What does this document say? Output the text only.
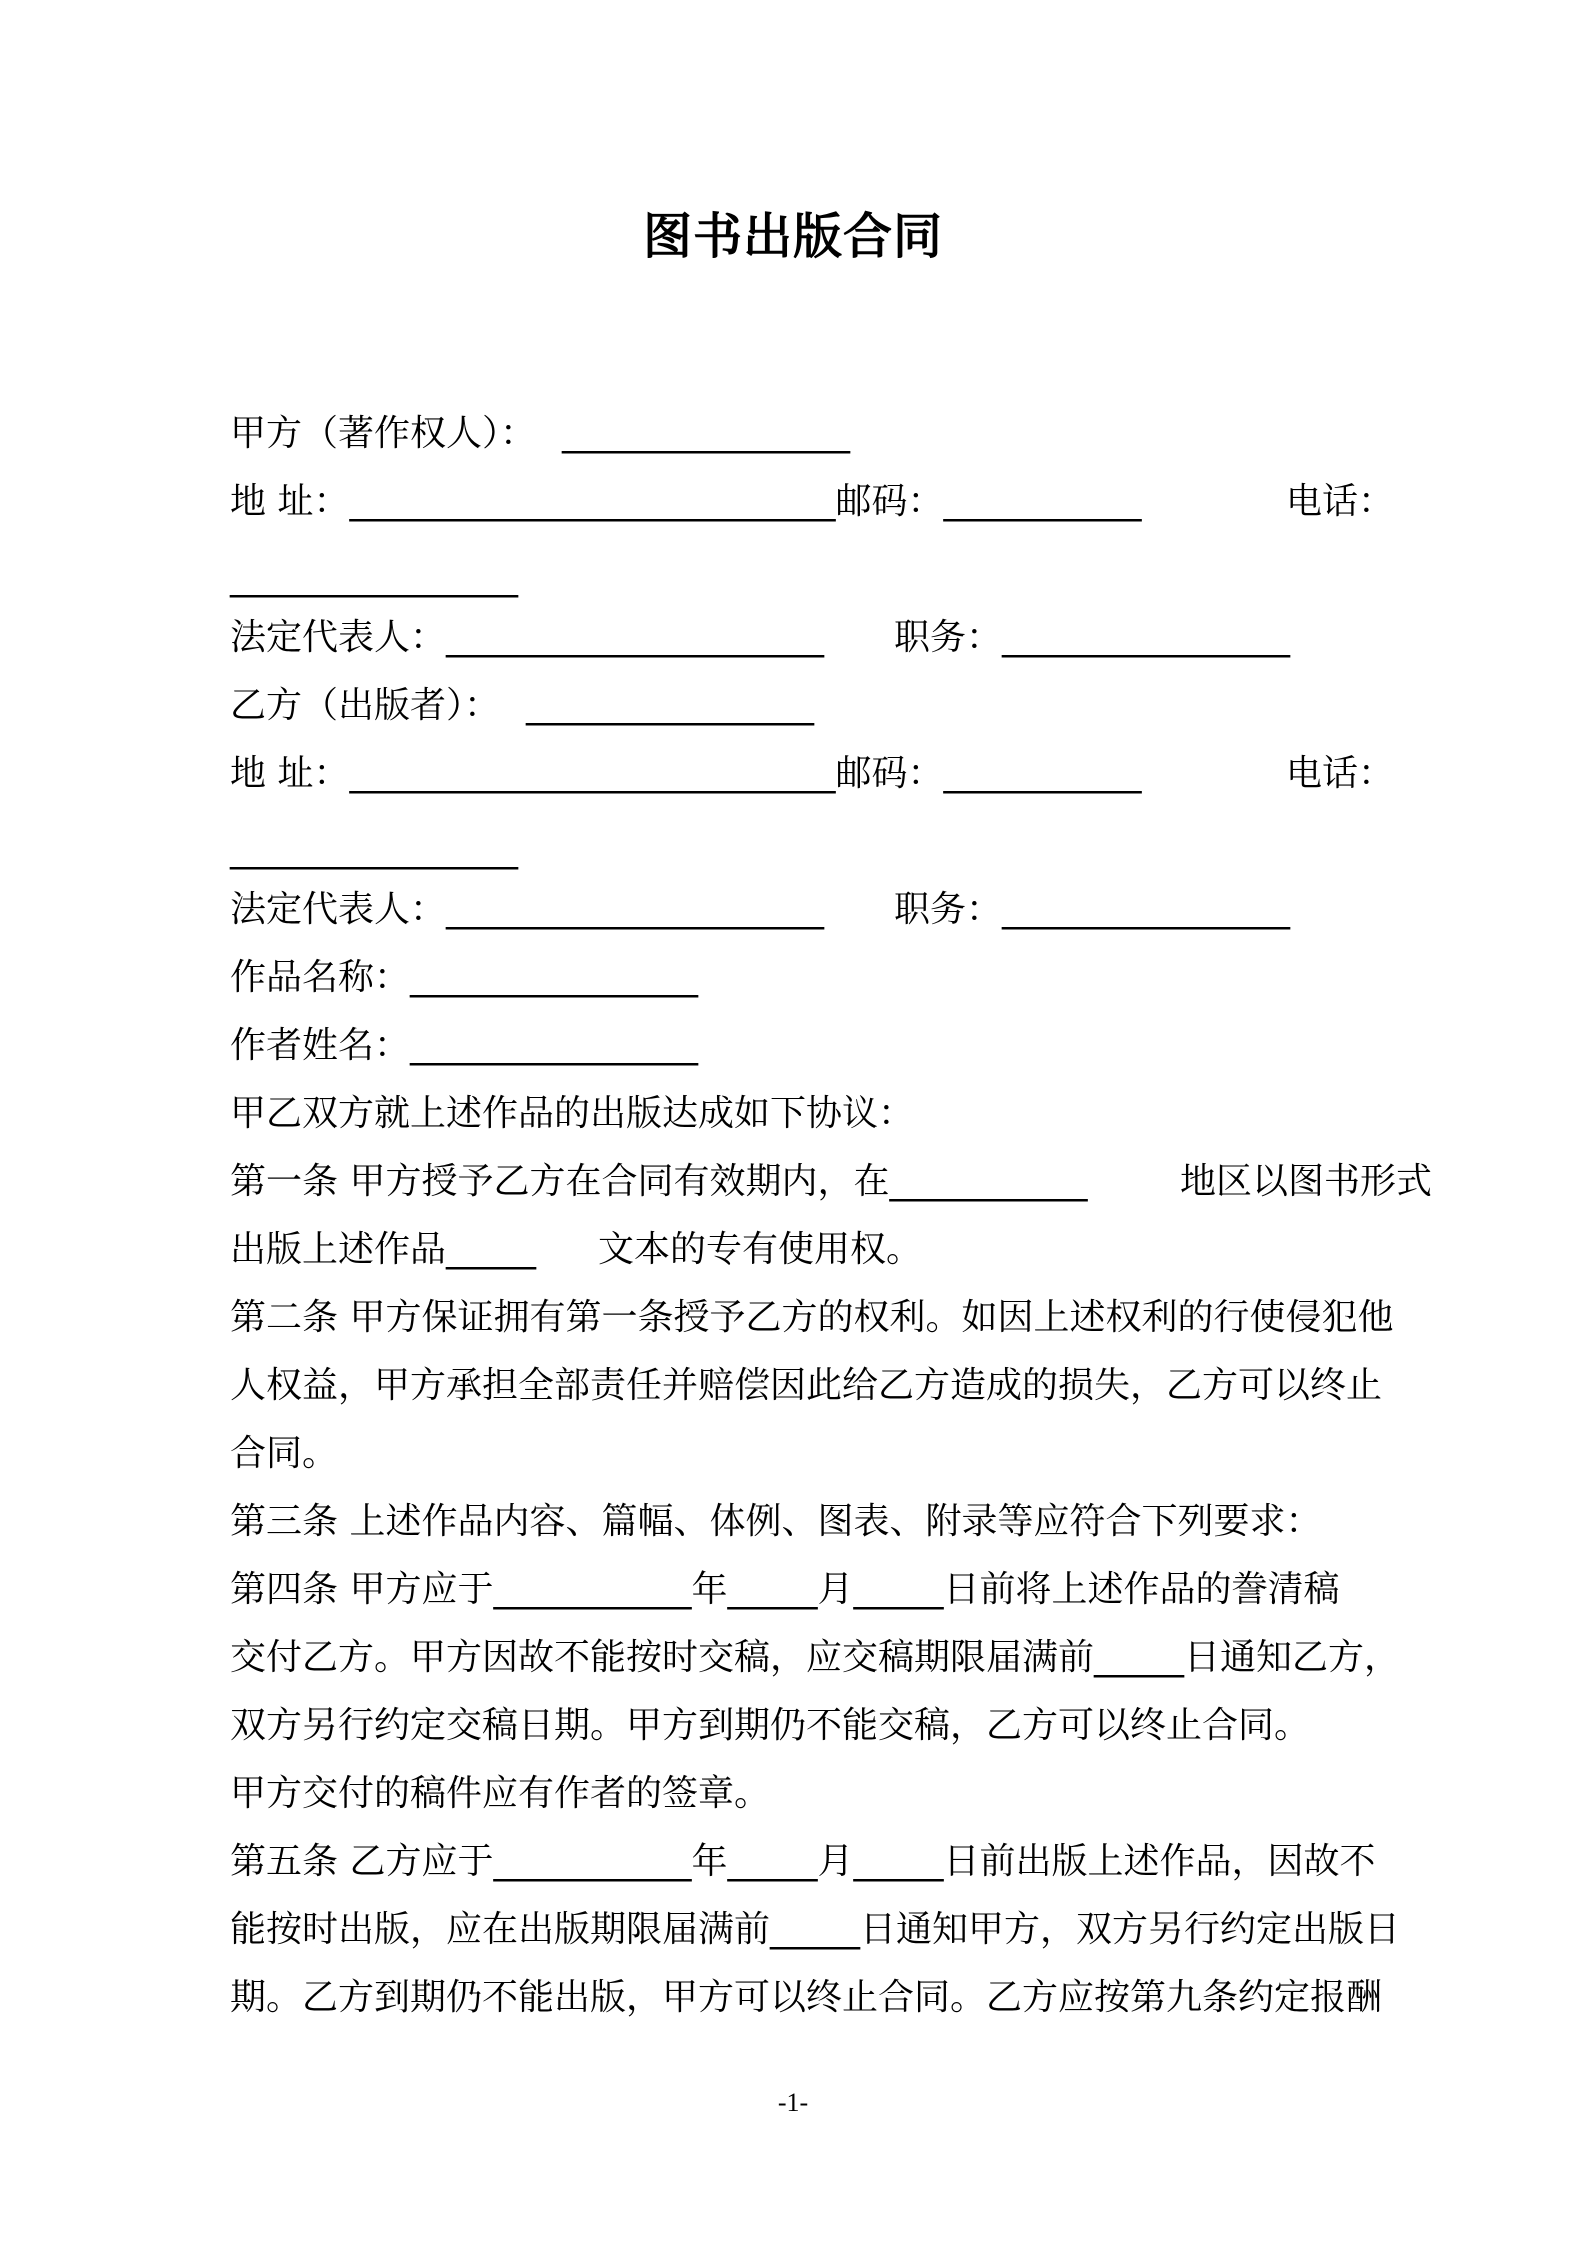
图书出版合同
甲方（著作权人）： ________________
地 址：___________________________邮码：___________	电话：
________________
法定代表人：_____________________ 职务：________________
乙方（出版者）： ________________
地 址：___________________________邮码：___________	电话：
________________
法定代表人：_____________________ 职务：________________
作品名称：________________
作者姓名：________________
甲乙双方就上述作品的出版达成如下协议：
第一条 甲方授予乙方在合同有效期内，在___________	地区以图书形式
出版上述作品_____ 文本的专有使用权。
第二条 甲方保证拥有第一条授予乙方的权利。如因上述权利的行使侵犯他
人权益，甲方承担全部责任并赔偿因此给乙方造成的损失，乙方可以终止
合同。
第三条 上述作品内容、篇幅、体例、图表、附录等应符合下列要求：
第四条 甲方应于___________年_____月_____日前将上述作品的誊清稿
交付乙方。甲方因故不能按时交稿，应交稿期限届满前_____日通知乙方，
双方另行约定交稿日期。甲方到期仍不能交稿，乙方可以终止合同。
甲方交付的稿件应有作者的签章。
第五条 乙方应于___________年_____月_____日前出版上述作品，因故不
能按时出版，应在出版期限届满前_____日通知甲方，双方另行约定出版日
期。乙方到期仍不能出版，甲方可以终止合同。乙方应按第九条约定报酬
-1-
